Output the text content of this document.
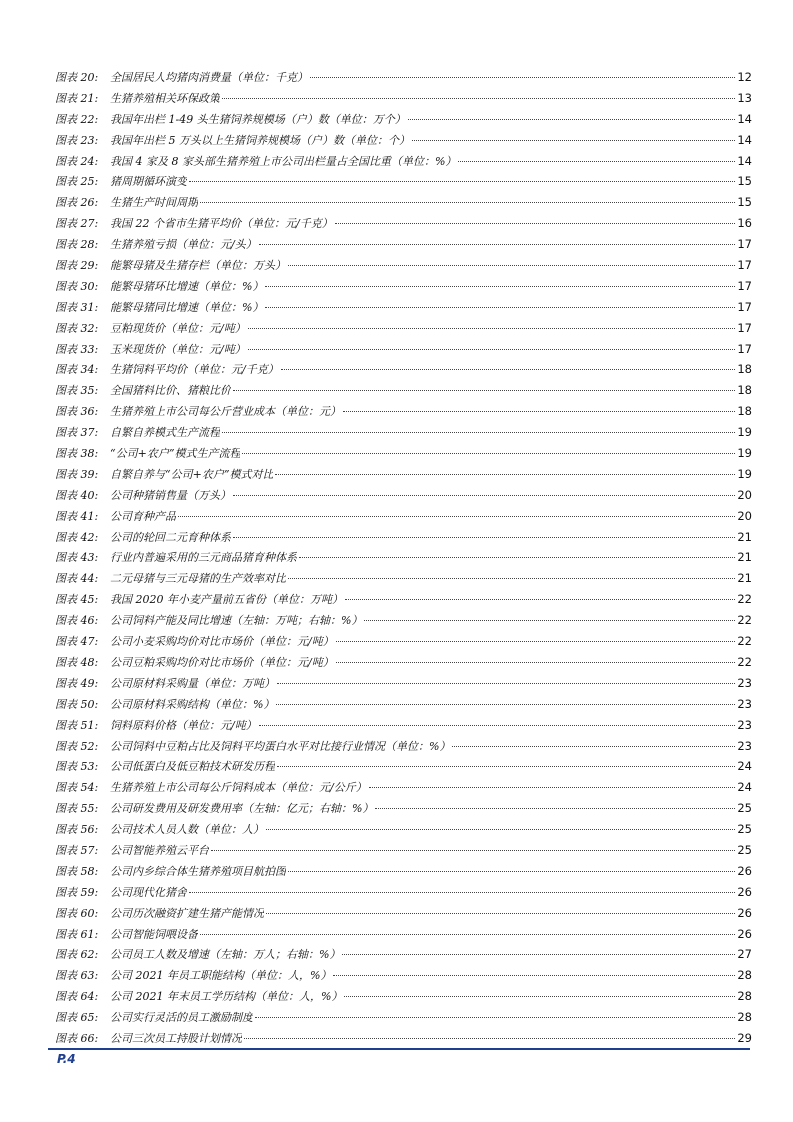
图表 20:	全国居民人均猪肉消费量（单位：千克）	12
图表 21:	生猪养殖相关环保政策	13
图表 22:	我国年出栏 1-49 头生猪饲养规模场（户）数（单位：万个）	14
图表 23:	我国年出栏 5 万头以上生猪饲养规模场（户）数（单位：个）	14
图表 24:	我国 4 家及 8 家头部生猪养殖上市公司出栏量占全国比重（单位：%）	14
图表 25:	猪周期循环演变	15
图表 26:	生猪生产时间周期	15
图表 27:	我国 22 个省市生猪平均价（单位：元/千克）	16
图表 28:	生猪养殖亏损（单位：元/头）	17
图表 29:	能繁母猪及生猪存栏（单位：万头）	17
图表 30:	能繁母猪环比增速（单位：%）	17
图表 31:	能繁母猪同比增速（单位：%）	17
图表 32:	豆粕现货价（单位：元/吨）	17
图表 33:	玉米现货价（单位：元/吨）	17
图表 34:	生猪饲料平均价（单位：元/千克）	18
图表 35:	全国猪料比价、猪粮比价	18
图表 36:	生猪养殖上市公司每公斤营业成本（单位：元）	18
图表 37:	自繁自养模式生产流程	19
图表 38:	“公司+农户”模式生产流程	19
图表 39:	自繁自养与“公司+农户”模式对比	19
图表 40:	公司种猪销售量（万头）	20
图表 41:	公司育种产品	20
图表 42:	公司的轮回二元育种体系	21
图表 43:	行业内普遍采用的三元商品猪育种体系	21
图表 44:	二元母猪与三元母猪的生产效率对比	21
图表 45:	我国 2020 年小麦产量前五省份（单位：万吨）	22
图表 46:	公司饲料产能及同比增速（左轴：万吨；右轴：%）	22
图表 47:	公司小麦采购均价对比市场价（单位：元/吨）	22
图表 48:	公司豆粕采购均价对比市场价（单位：元/吨）	22
图表 49:	公司原材料采购量（单位：万吨）	23
图表 50:	公司原材料采购结构（单位：%）	23
图表 51:	饲料原料价格（单位：元/吨）	23
图表 52:	公司饲料中豆粕占比及饲料平均蛋白水平对比接行业情况（单位：%）	23
图表 53:	公司低蛋白及低豆粕技术研发历程	24
图表 54:	生猪养殖上市公司每公斤饲料成本（单位：元/公斤）	24
图表 55:	公司研发费用及研发费用率（左轴：亿元；右轴：%）	25
图表 56:	公司技术人员人数（单位：人）	25
图表 57:	公司智能养殖云平台	25
图表 58:	公司内乡综合体生猪养殖项目航拍图	26
图表 59:	公司现代化猪舍	26
图表 60:	公司历次融资扩建生猪产能情况	26
图表 61:	公司智能饲喂设备	26
图表 62:	公司员工人数及增速（左轴：万人；右轴：%）	27
图表 63:	公司 2021 年员工职能结构（单位：人，%）	28
图表 64:	公司 2021 年末员工学历结构（单位：人，%）	28
图表 65:	公司实行灵活的员工激励制度	28
图表 66:	公司三次员工持股计划情况	29
P.4
